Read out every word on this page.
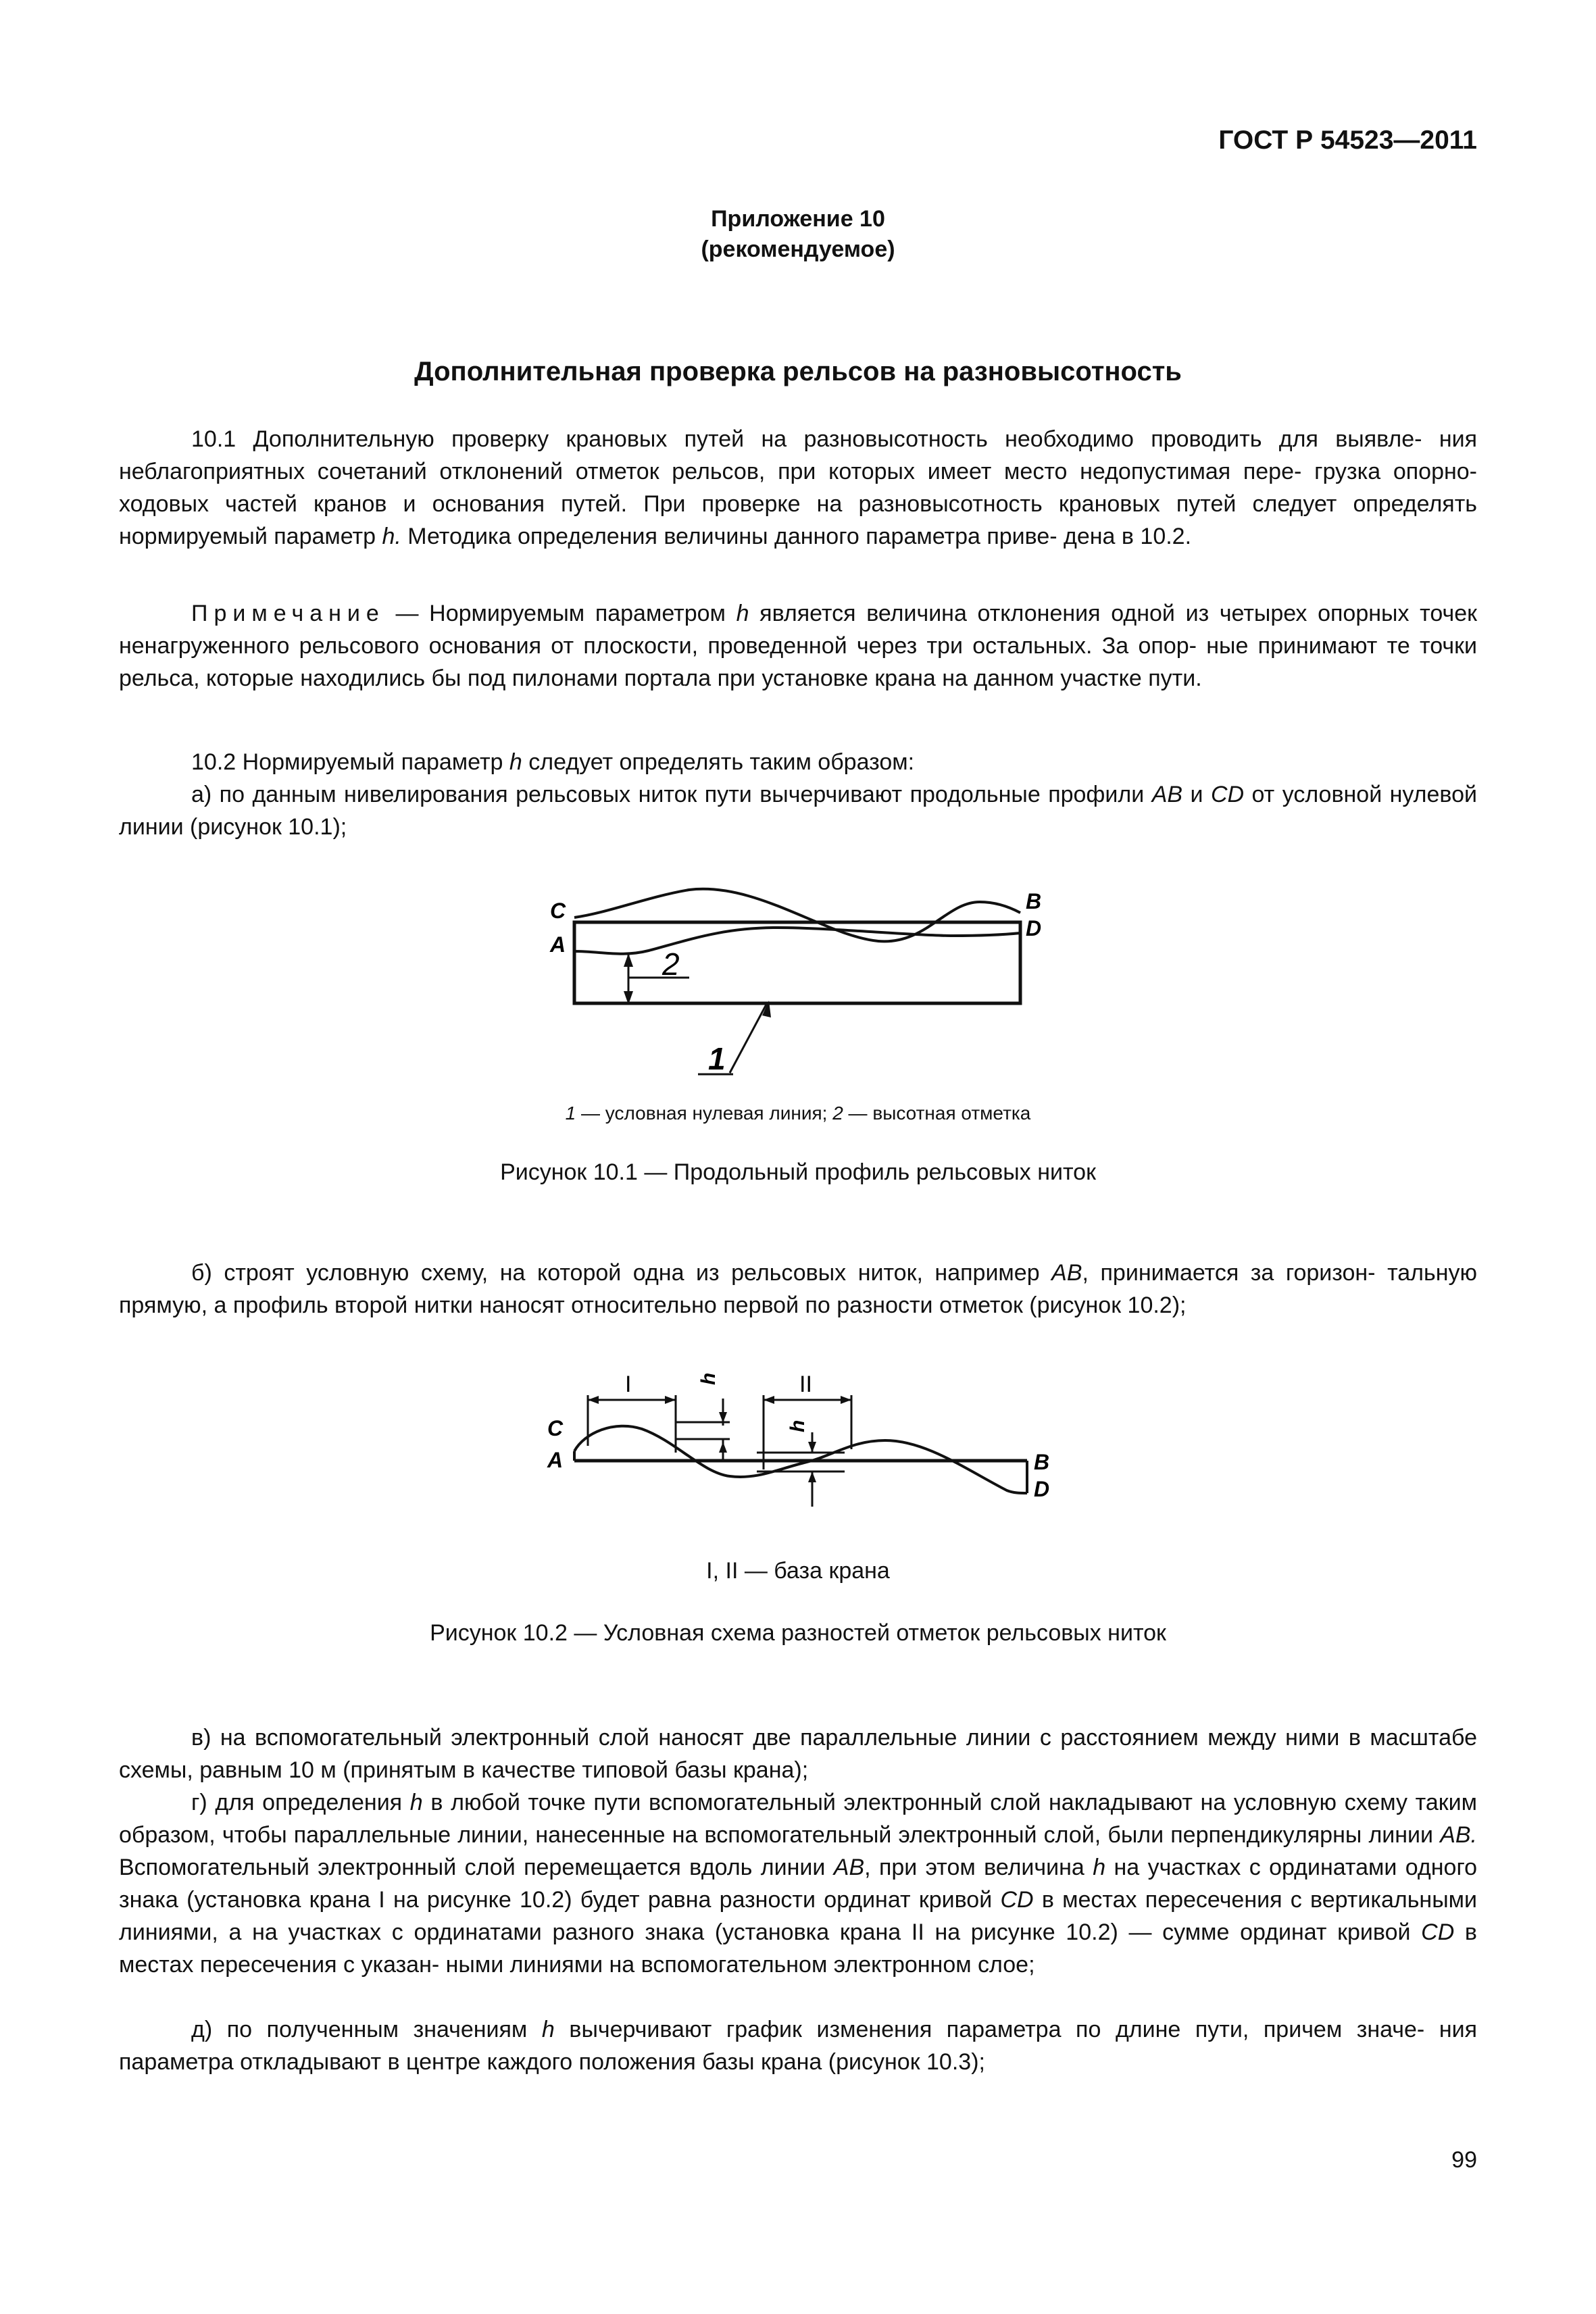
ГОСТ Р 54523—2011
Приложение 10
(рекомендуемое)
Дополнительная проверка рельсов на разновысотность
10.1 Дополнительную проверку крановых путей на разновысотность необходимо проводить для выявле- ния неблагоприятных сочетаний отклонений отметок рельсов, при которых имеет место недопустимая пере- грузка опорно-ходовых частей кранов и основания путей. При проверке на разновысотность крановых путей следует определять нормируемый параметр h. Методика определения величины данного параметра приве- дена в 10.2.
Примечание — Нормируемым параметром h является величина отклонения одной из четырех опорных точек ненагруженного рельсового основания от плоскости, проведенной через три остальных. За опор- ные принимают те точки рельса, которые находились бы под пилонами портала при установке крана на данном участке пути.
10.2 Нормируемый параметр h следует определять таким образом:
а) по данным нивелирования рельсовых ниток пути вычерчивают продольные профили AB и CD от условной нулевой линии (рисунок 10.1);
C
A
B
D
2
1
1 — условная нулевая линия; 2 — высотная отметка
Рисунок 10.1 — Продольный профиль рельсовых ниток
б) строят условную схему, на которой одна из рельсовых ниток, например AB, принимается за горизон- тальную прямую, а профиль второй нитки наносят относительно первой по разности отметок (рисунок 10.2);
I	II
h
h
C
A	B
D
I, II — база крана
Рисунок 10.2 — Условная схема разностей отметок рельсовых ниток
в) на вспомогательный электронный слой наносят две параллельные линии с расстоянием между ними в масштабе схемы, равным 10 м (принятым в качестве типовой базы крана);
г) для определения h в любой точке пути вспомогательный электронный слой накладывают на условную схему таким образом, чтобы параллельные линии, нанесенные на вспомогательный электронный слой, были перпендикулярны линии AB. Вспомогательный электронный слой перемещается вдоль линии AB, при этом величина h на участках с ординатами одного знака (установка крана I на рисунке 10.2) будет равна разности ординат кривой CD в местах пересечения с вертикальными линиями, а на участках с ординатами разного знака (установка крана II на рисунке 10.2) — сумме ординат кривой CD в местах пересечения с указан- ными линиями на вспомогательном электронном слое;
д) по полученным значениям h вычерчивают график изменения параметра по длине пути, причем значе- ния параметра откладывают в центре каждого положения базы крана (рисунок 10.3);
99
